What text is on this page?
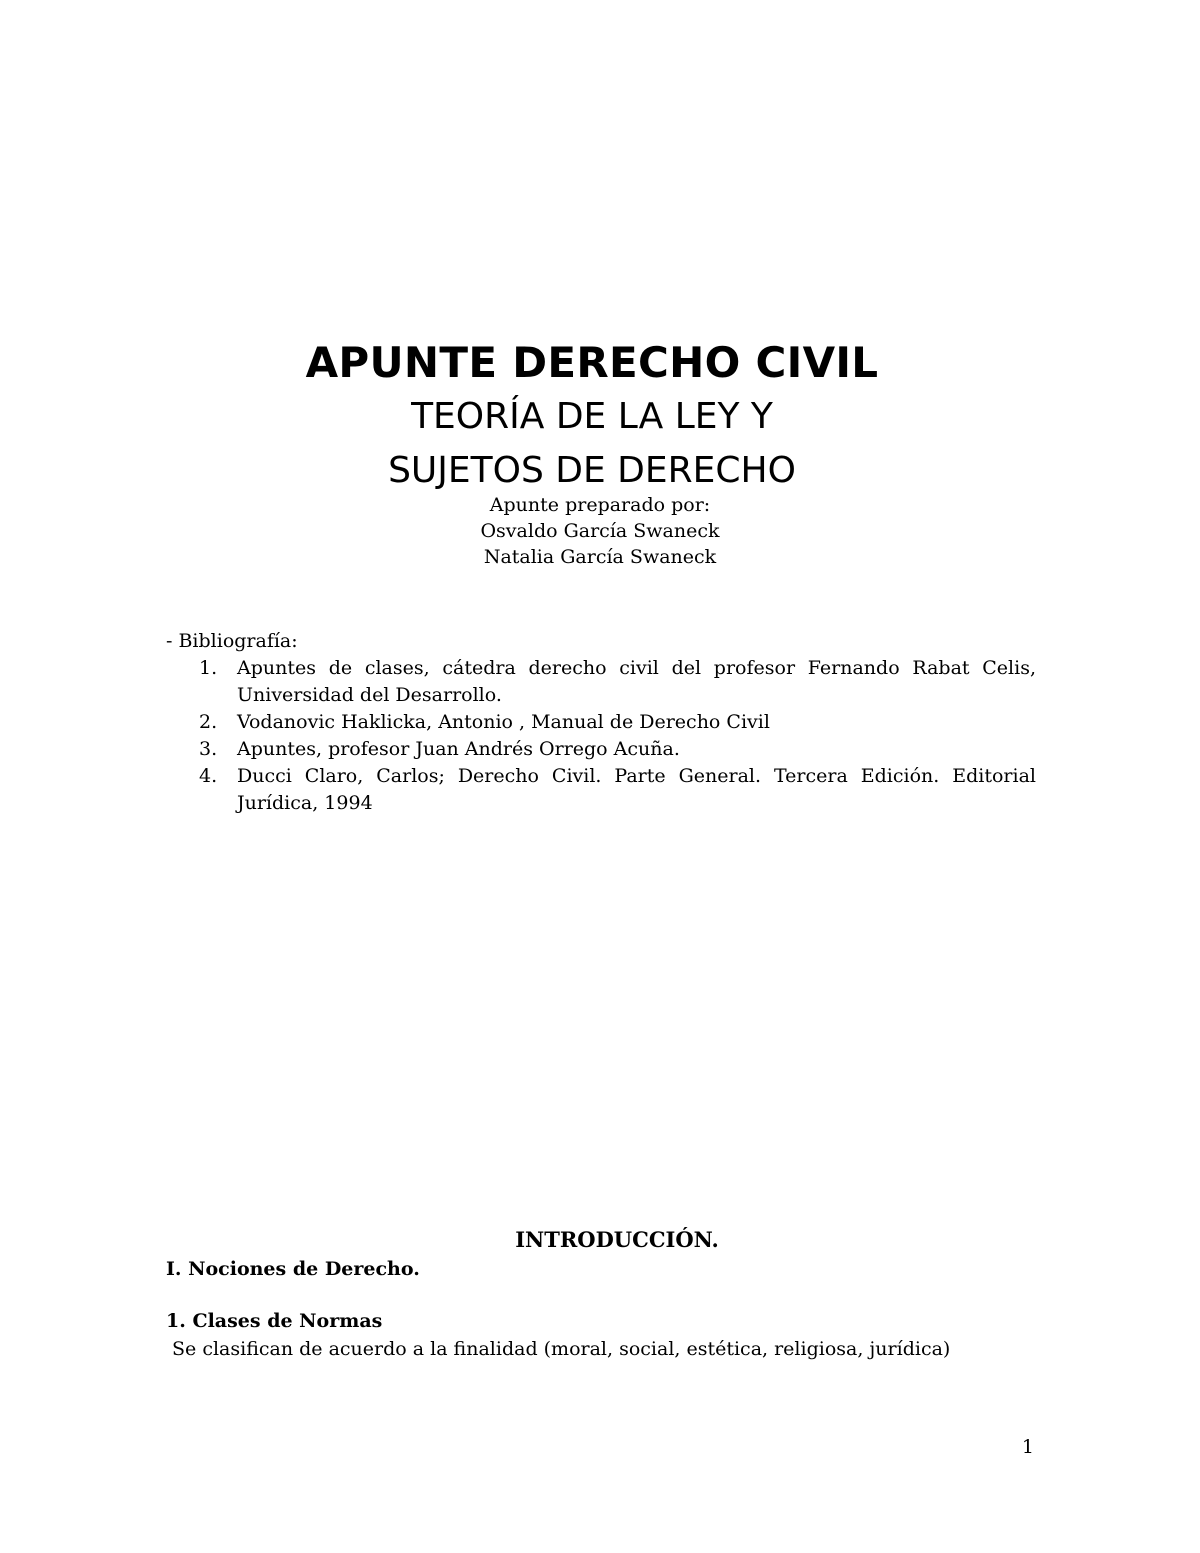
APUNTE DERECHO CIVIL
TEORÍA DE LA LEY Y
SUJETOS DE DERECHO
Apunte preparado por:
Osvaldo García Swaneck
Natalia García Swaneck
- Bibliografía:
1. Apuntes de clases, cátedra derecho civil del profesor Fernando Rabat Celis, Universidad del Desarrollo.
2. Vodanovic Haklicka, Antonio , Manual de Derecho Civil
3. Apuntes, profesor Juan Andrés Orrego Acuña.
4. Ducci Claro, Carlos; Derecho Civil. Parte General. Tercera Edición. Editorial Jurídica, 1994
INTRODUCCIÓN.
I. Nociones de Derecho.
1. Clases de Normas
Se clasifican de acuerdo a la finalidad (moral, social, estética, religiosa, jurídica)
1
